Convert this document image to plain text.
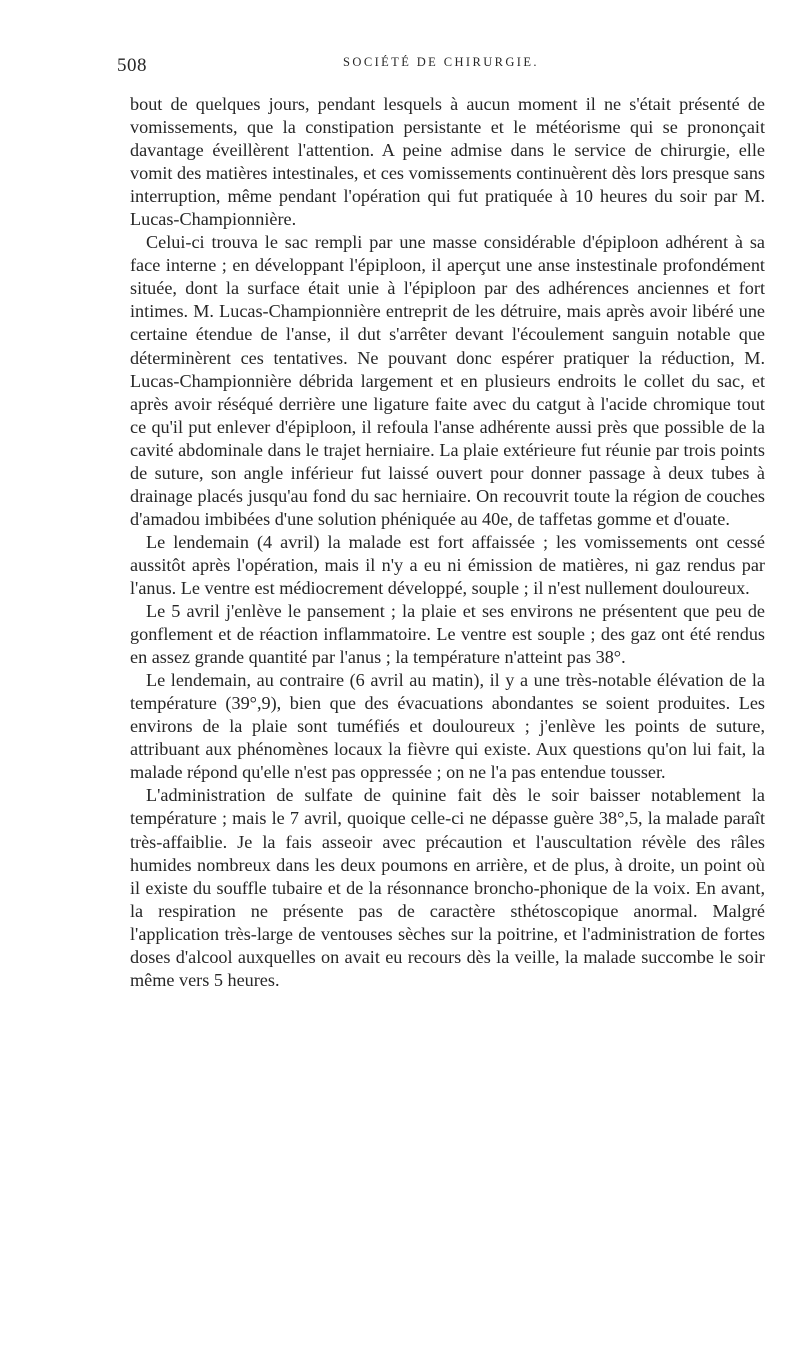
508	SOCIÉTÉ DE CHIRURGIE.

bout de quelques jours, pendant lesquels à aucun moment il ne s'était présenté de vomissements, que la constipation persistante et le météorisme qui se prononçait davantage éveillèrent l'attention. A peine admise dans le service de chirurgie, elle vomit des matières intestinales, et ces vomissements continuèrent dès lors presque sans interruption, même pendant l'opération qui fut pratiquée à 10 heures du soir par M. Lucas-Championnière.

Celui-ci trouva le sac rempli par une masse considérable d'épiploon adhérent à sa face interne ; en développant l'épiploon, il aperçut une anse instestinale profondément située, dont la surface était unie à l'épiploon par des adhérences anciennes et fort intimes. M. Lucas-Championnière entreprit de les détruire, mais après avoir libéré une certaine étendue de l'anse, il dut s'arrêter devant l'écoulement sanguin notable que déterminèrent ces tentatives. Ne pouvant donc espérer pratiquer la réduction, M. Lucas-Championnière débrida largement et en plusieurs endroits le collet du sac, et après avoir réséqué derrière une ligature faite avec du catgut à l'acide chromique tout ce qu'il put enlever d'épiploon, il refoula l'anse adhérente aussi près que possible de la cavité abdominale dans le trajet herniaire. La plaie extérieure fut réunie par trois points de suture, son angle inférieur fut laissé ouvert pour donner passage à deux tubes à drainage placés jusqu'au fond du sac herniaire. On recouvrit toute la région de couches d'amadou imbibées d'une solution phéniquée au 40e, de taffetas gomme et d'ouate.

Le lendemain (4 avril) la malade est fort affaissée ; les vomissements ont cessé aussitôt après l'opération, mais il n'y a eu ni émission de matières, ni gaz rendus par l'anus. Le ventre est médiocrement développé, souple ; il n'est nullement douloureux.

Le 5 avril j'enlève le pansement ; la plaie et ses environs ne présentent que peu de gonflement et de réaction inflammatoire. Le ventre est souple ; des gaz ont été rendus en assez grande quantité par l'anus ; la température n'atteint pas 38°.

Le lendemain, au contraire (6 avril au matin), il y a une très-notable élévation de la température (39°,9), bien que des évacuations abondantes se soient produites. Les environs de la plaie sont tuméfiés et douloureux ; j'enlève les points de suture, attribuant aux phénomènes locaux la fièvre qui existe. Aux questions qu'on lui fait, la malade répond qu'elle n'est pas oppressée ; on ne l'a pas entendue tousser.

L'administration de sulfate de quinine fait dès le soir baisser notablement la température ; mais le 7 avril, quoique celle-ci ne dépasse guère 38°,5, la malade paraît très-affaiblie. Je la fais asseoir avec précaution et l'auscultation révèle des râles humides nombreux dans les deux poumons en arrière, et de plus, à droite, un point où il existe du souffle tubaire et de la résonnance broncho-phonique de la voix. En avant, la respiration ne présente pas de caractère sthétoscopique anormal. Malgré l'application très-large de ventouses sèches sur la poitrine, et l'administration de fortes doses d'alcool auxquelles on avait eu recours dès la veille, la malade succombe le soir même vers 5 heures.
